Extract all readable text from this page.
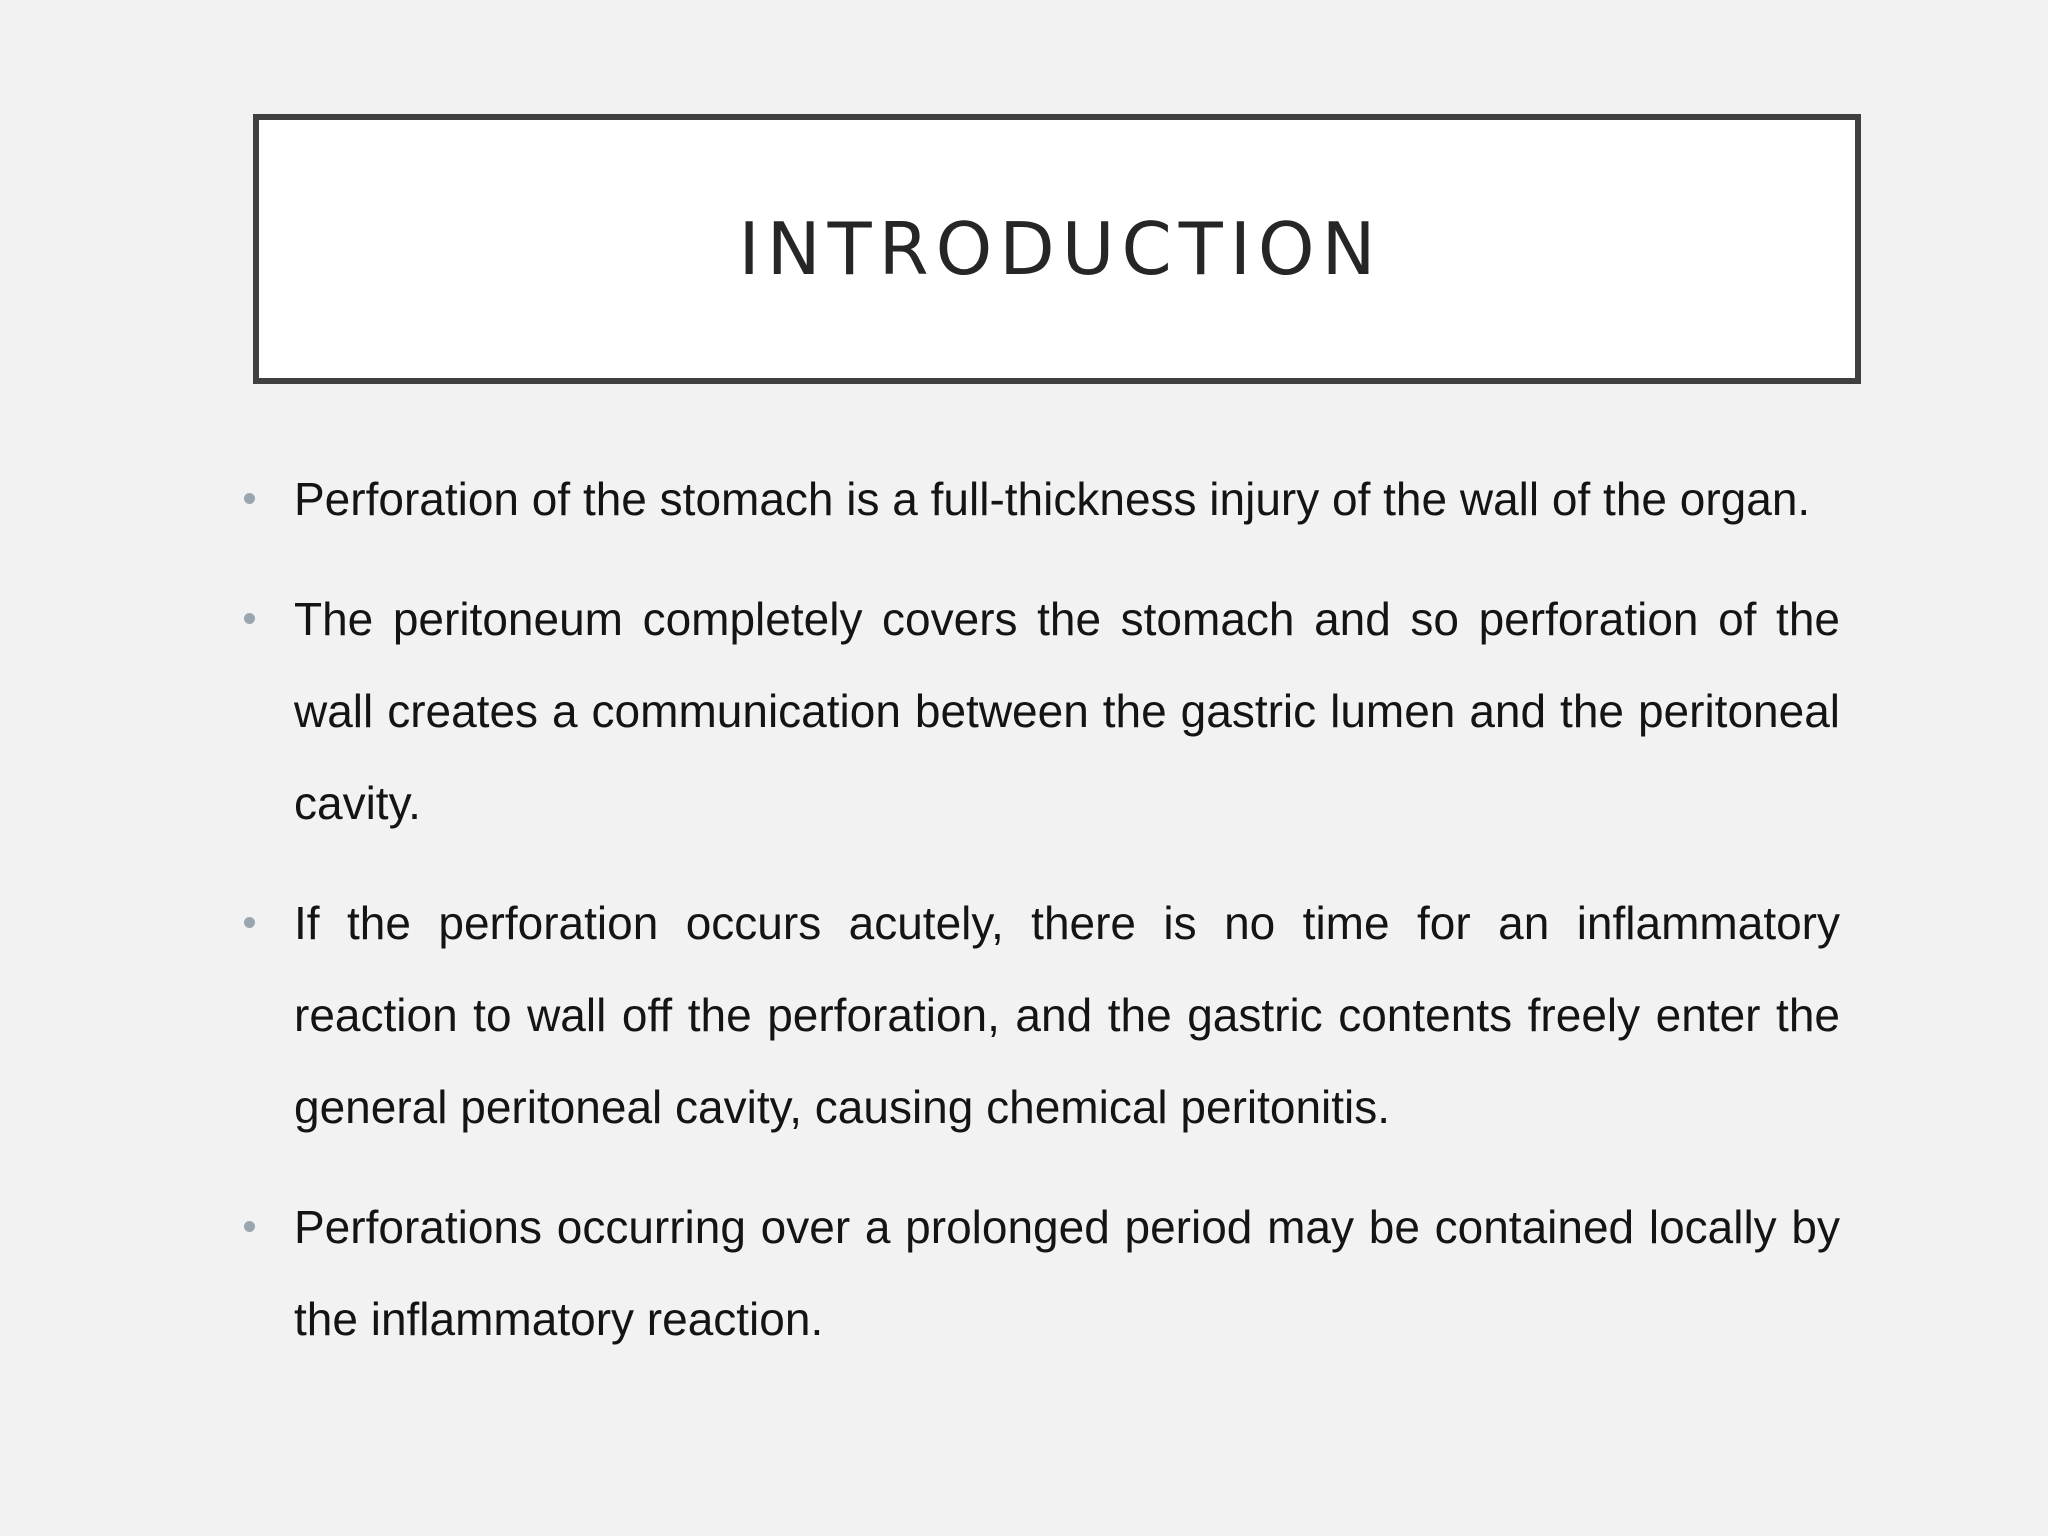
INTRODUCTION
Perforation of the stomach is a full-thickness injury of the wall of the organ.
The peritoneum completely covers the stomach and so perforation of the wall creates a communication between the gastric lumen and the peritoneal cavity.
If the perforation occurs acutely, there is no time for an inflammatory reaction to wall off the perforation, and the gastric contents freely enter the general peritoneal cavity, causing chemical peritonitis.
Perforations occurring over a prolonged period may be contained locally by the inflammatory reaction.
